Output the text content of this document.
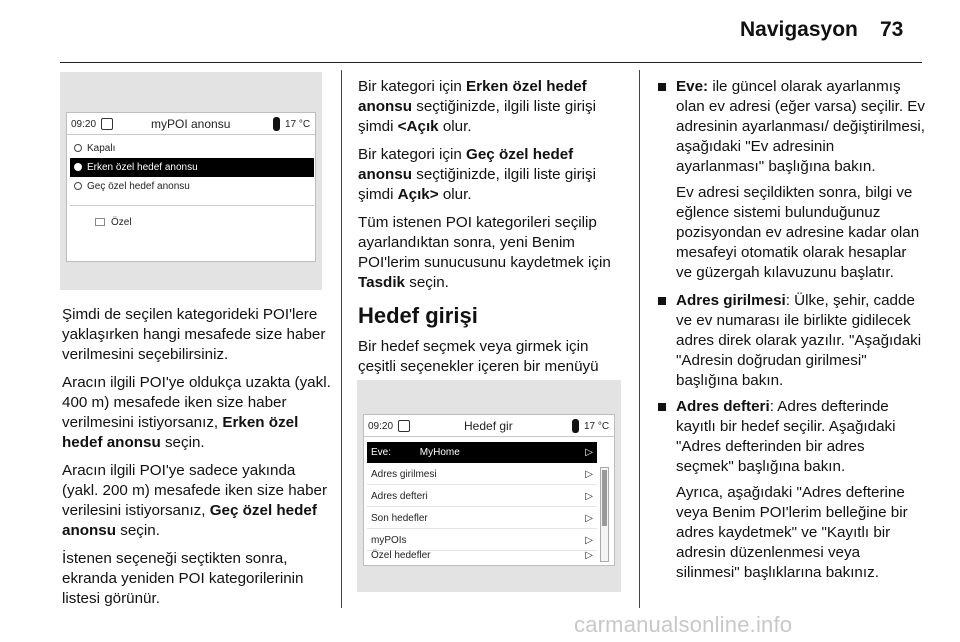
Navigasyon 73
09:20	myPOI anonsu	17 °C
Kapalı
Erken özel hedef anonsu
Geç özel hedef anonsu
Özel

Şimdi de seçilen kategorideki POI'lere yaklaşırken hangi mesafede size haber verilmesini seçebilirsiniz.

Aracın ilgili POI'ye oldukça uzakta (yakl. 400 m) mesafede iken size haber verilmesini istiyorsanız, Erken özel hedef anonsu seçin.

Aracın ilgili POI'ye sadece yakında (yakl. 200 m) mesafede iken size haber verilesini istiyorsanız, Geç özel hedef anonsu seçin.

İstenen seçeneği seçtikten sonra, ekranda yeniden POI kategorilerinin listesi görünür.

Bir kategori için Erken özel hedef anonsu seçtiğinizde, ilgili liste girişi şimdi <Açık olur.

Bir kategori için Geç özel hedef anonsu seçtiğinizde, ilgili liste girişi şimdi Açık> olur.

Tüm istenen POI kategorileri seçilip ayarlandıktan sonra, yeni Benim POI'lerim sunucusunu kaydetmek için Tasdik seçin.

Hedef girişi

Bir hedef seçmek veya girmek için çeşitli seçenekler içeren bir menüyü

09:20	Hedef gir	17 °C
Eve:	MyHome	▷
Adres girilmesi	▷
Adres defteri	▷
Son hedefler	▷
myPOIs	▷
Özel hedefler	▷
Eve: ile güncel olarak ayarlanmış olan ev adresi (eğer varsa) seçilir. Ev adresinin ayarlanması/ değiştirilmesi, aşağıdaki "Ev adresinin ayarlanması" başlığına bakın.

Ev adresi seçildikten sonra, bilgi ve eğlence sistemi bulunduğunuz pozisyondan ev adresine kadar olan mesafeyi otomatik olarak hesaplar ve güzergah kılavuzunu başlatır.

Adres girilmesi: Ülke, şehir, cadde ve ev numarası ile birlikte gidilecek adres direk olarak yazılır. "Aşağıdaki "Adresin doğrudan girilmesi" başlığına bakın.
Adres defteri: Adres defterinde kayıtlı bir hedef seçilir. Aşağıdaki "Adres defterinden bir adres seçmek" başlığına bakın.

Ayrıca, aşağıdaki "Adres defterine veya Benim POI'lerim belleğine bir adres kaydetmek" ve "Kayıtlı bir adresin düzenlenmesi veya silinmesi" başlıklarına bakınız.

carmanualsonline.info
